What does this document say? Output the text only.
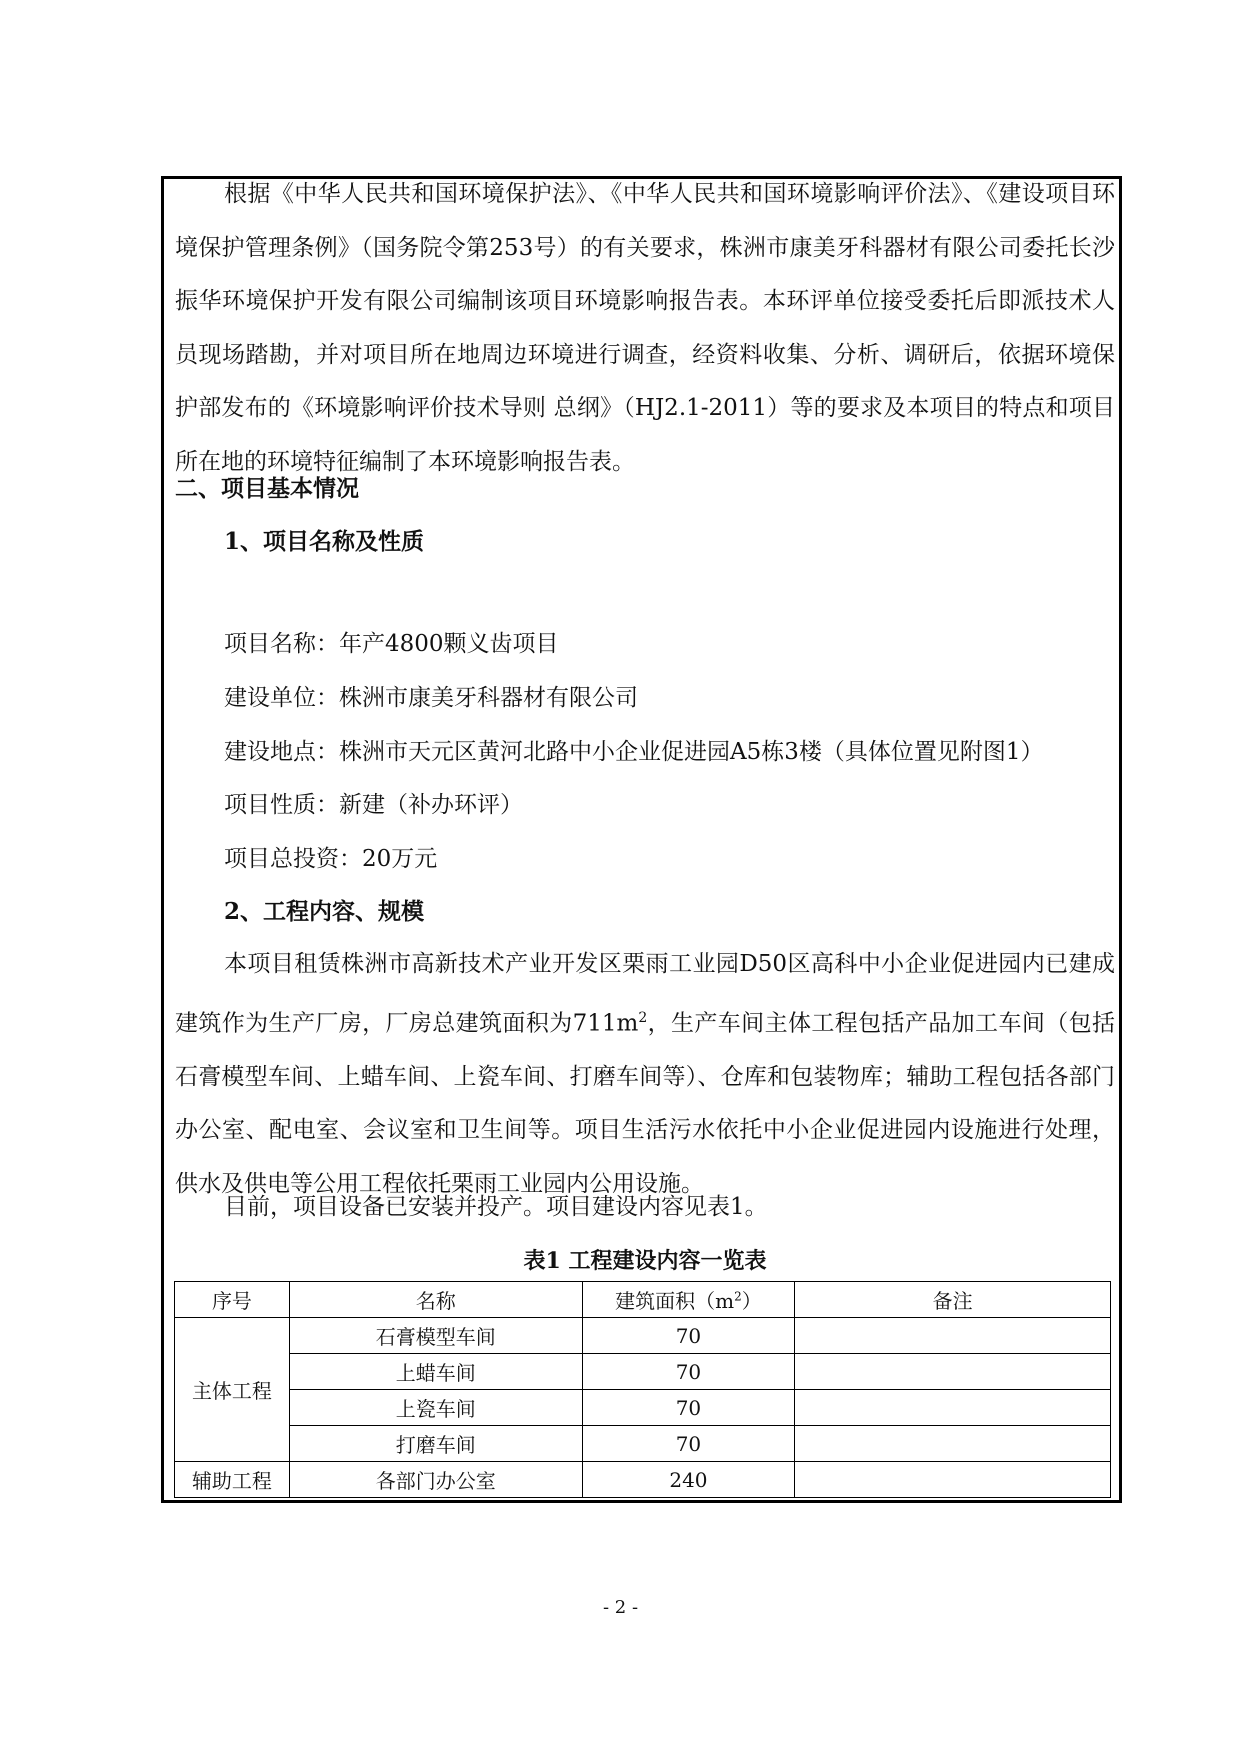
根据《中华人民共和国环境保护法》、《中华人民共和国环境影响评价法》、《建设项目环境保护管理条例》（国务院令第253号）的有关要求，株洲市康美牙科器材有限公司委托长沙振华环境保护开发有限公司编制该项目环境影响报告表。本环评单位接受委托后即派技术人员现场踏勘，并对项目所在地周边环境进行调查，经资料收集、分析、调研后，依据环境保护部发布的《环境影响评价技术导则 总纲》（HJ2.1-2011）等的要求及本项目的特点和项目所在地的环境特征编制了本环境影响报告表。

二、项目基本情况
1、项目名称及性质
项目名称：年产4800颗义齿项目
建设单位：株洲市康美牙科器材有限公司
建设地点：株洲市天元区黄河北路中小企业促进园A5栋3楼（具体位置见附图1）
项目性质：新建（补办环评）
项目总投资：20万元
2、工程内容、规模

本项目租赁株洲市高新技术产业开发区栗雨工业园D50区高科中小企业促进园内已建成建筑作为生产厂房，厂房总建筑面积为$711m^2$，生产车间主体工程包括产品加工车间（包括石膏模型车间、上蜡车间、上瓷车间、打磨车间等）、仓库和包装物库；辅助工程包括各部门办公室、配电室、会议室和卫生间等。项目生活污水依托中小企业促进园内设施进行处理，供水及供电等公用工程依托栗雨工业园内公用设施。

目前，项目设备已安装并投产。项目建设内容见表1。
表1 工程建设内容一览表
序号	名称	建筑面积$(m^2)$	备注
主体工程	石膏模型车间	70	
	上蜡车间	70	
	上瓷车间	70	
	打磨车间	70	
辅助工程	各部门办公室	240	
- 2 -
